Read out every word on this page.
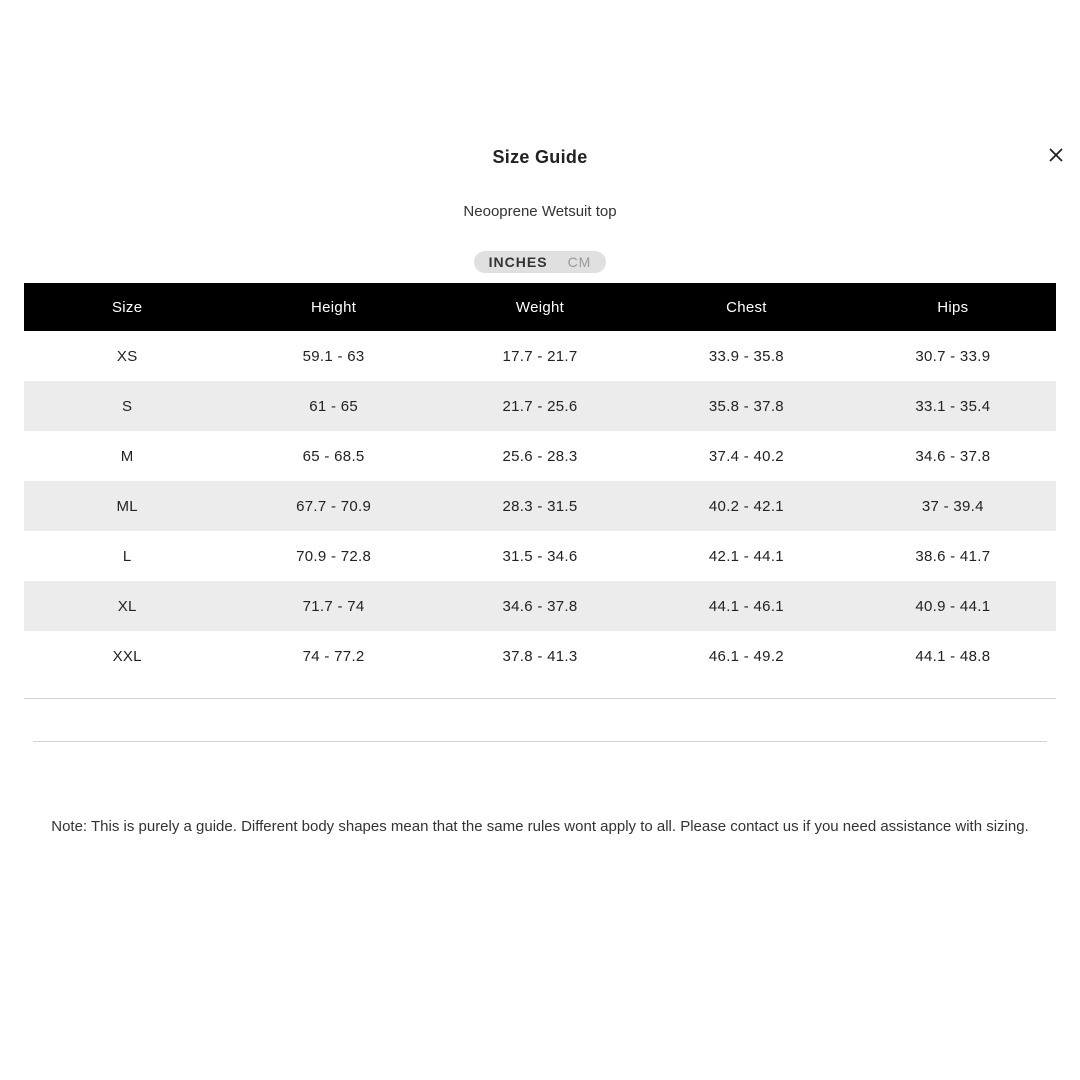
Size Guide
Neooprene Wetsuit top
INCHES CM
Size	Height	Weight	Chest	Hips
XS	59.1 - 63	17.7 - 21.7	33.9 - 35.8	30.7 - 33.9
S	61 - 65	21.7 - 25.6	35.8 - 37.8	33.1 - 35.4
M	65 - 68.5	25.6 - 28.3	37.4 - 40.2	34.6 - 37.8
ML	67.7 - 70.9	28.3 - 31.5	40.2 - 42.1	37 - 39.4
L	70.9 - 72.8	31.5 - 34.6	42.1 - 44.1	38.6 - 41.7
XL	71.7 - 74	34.6 - 37.8	44.1 - 46.1	40.9 - 44.1
XXL	74 - 77.2	37.8 - 41.3	46.1 - 49.2	44.1 - 48.8
Note: This is purely a guide. Different body shapes mean that the same rules wont apply to all. Please contact us if you need assistance with sizing.
